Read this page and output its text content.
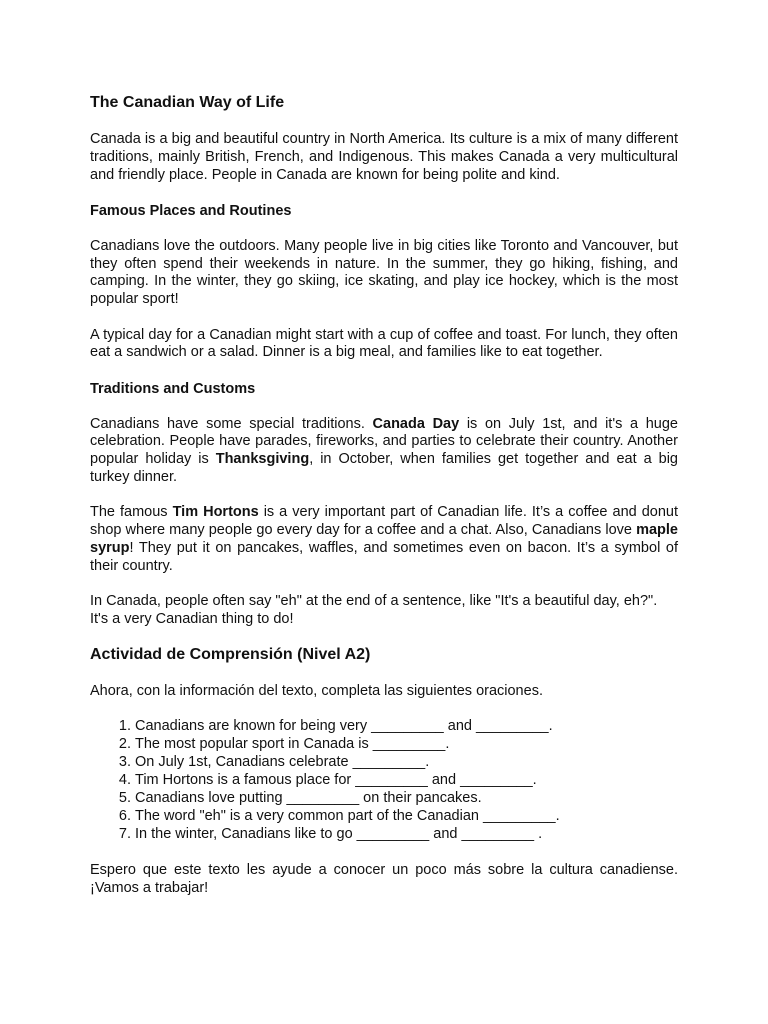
The Canadian Way of Life

Canada is a big and beautiful country in North America. Its culture is a mix of many different traditions, mainly British, French, and Indigenous. This makes Canada a very multicultural and friendly place. People in Canada are known for being polite and kind.

Famous Places and Routines

Canadians love the outdoors. Many people live in big cities like Toronto and Vancouver, but they often spend their weekends in nature. In the summer, they go hiking, fishing, and camping. In the winter, they go skiing, ice skating, and play ice hockey, which is the most popular sport!

A typical day for a Canadian might start with a cup of coffee and toast. For lunch, they often eat a sandwich or a salad. Dinner is a big meal, and families like to eat together.

Traditions and Customs

Canadians have some special traditions. Canada Day is on July 1st, and it's a huge celebration. People have parades, fireworks, and parties to celebrate their country. Another popular holiday is Thanksgiving, in October, when families get together and eat a big turkey dinner.

The famous Tim Hortons is a very important part of Canadian life. It’s a coffee and donut shop where many people go every day for a coffee and a chat. Also, Canadians love maple syrup! They put it on pancakes, waffles, and sometimes even on bacon. It’s a symbol of their country.

In Canada, people often say "eh" at the end of a sentence, like "It's a beautiful day, eh?". It's a very Canadian thing to do!

Actividad de Comprensión (Nivel A2)

Ahora, con la información del texto, completa las siguientes oraciones.

1. Canadians are known for being very _________ and _________.
2. The most popular sport in Canada is _________.
3. On July 1st, Canadians celebrate _________.
4. Tim Hortons is a famous place for _________ and _________.
5. Canadians love putting _________ on their pancakes.
6. The word "eh" is a very common part of the Canadian _________.
7. In the winter, Canadians like to go _________ and _________ .

Espero que este texto les ayude a conocer un poco más sobre la cultura canadiense. ¡Vamos a trabajar!
